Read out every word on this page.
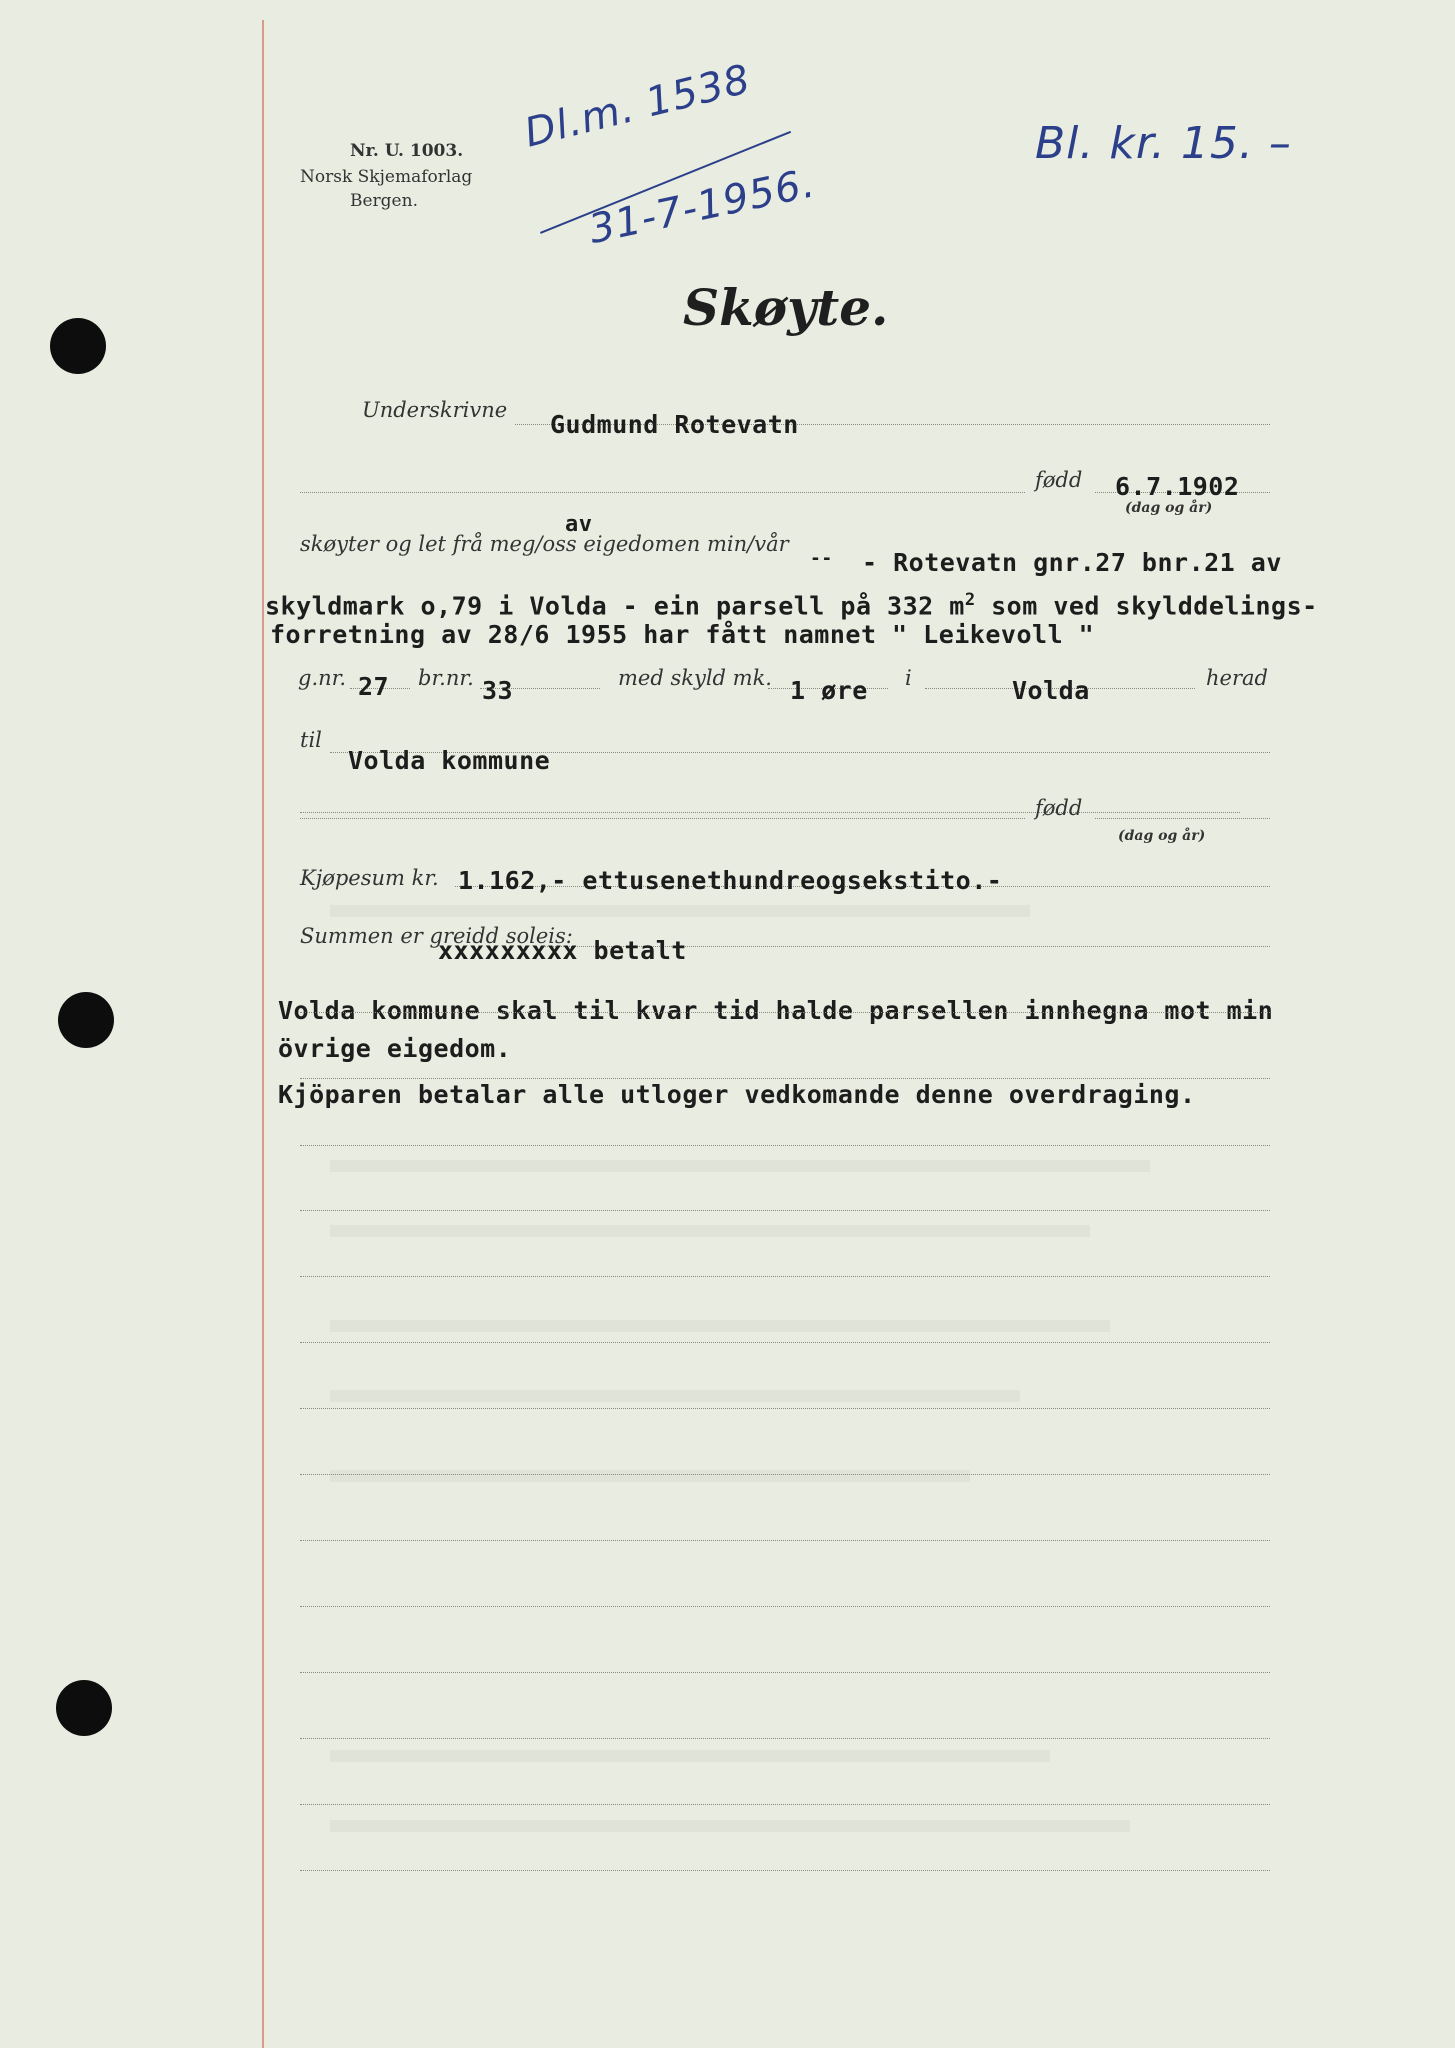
Nr. U. 1003.
Norsk Skjemaforlag
Bergen.
Dl.m. 1538
31-7-1956.
Bl. kr. 15. –
Skøyte.
Underskrivne Gudmund Rotevatn
fødd 6.7.1902
(dag og år)
skøyter og let frå meg/oss eigedomen min/vår
av
-- - Rotevatn gnr.27 bnr.21 av
skyldmark o,79 i Volda - ein parsell på 332 $m^2$ som ved skylddelings-
forretning av 28/6 1955 har fått namnet " Leikevoll "
g.nr. 27 br.nr. 33	med skyld mk. 1 øre i	Volda	herad
til
Volda kommune
fødd
(dag og år)
Kjøpesum kr. 1.162,- ettusenethundreogsekstito.-
Summen er greidd soleis:
xxxxxxxxx betalt
Volda kommune skal til kvar tid halde parsellen innhegna mot min
övrige eigedom.
Kjöparen betalar alle utloger vedkomande denne overdraging.
